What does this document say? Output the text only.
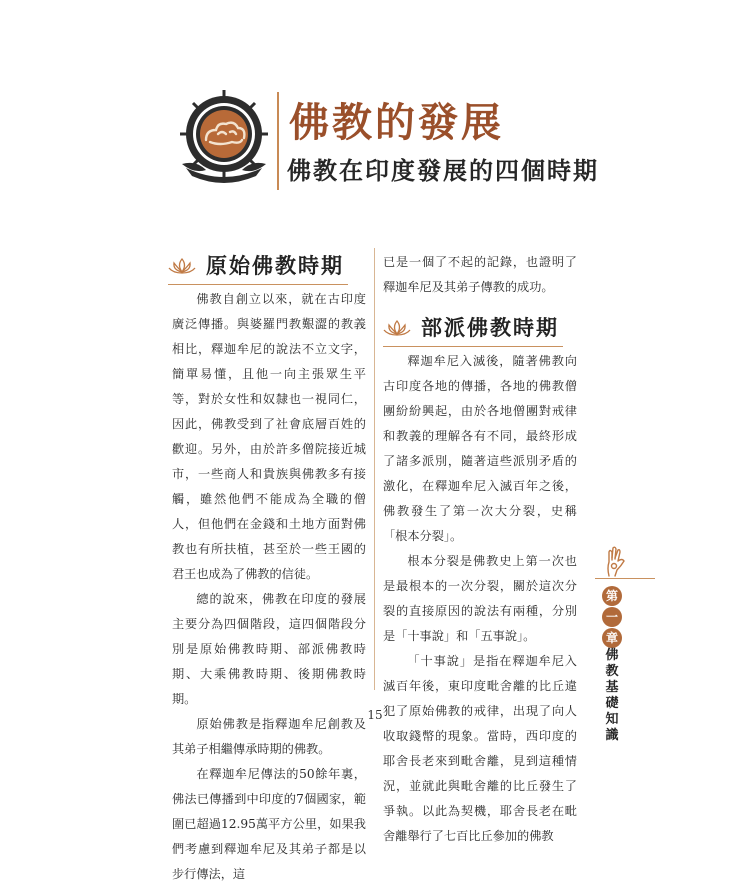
佛教的發展
佛教在印度發展的四個時期
原始佛教時期

佛教自創立以來，就在古印度廣泛傳播。與婆羅門教艱澀的教義相比，釋迦牟尼的說法不立文字，簡單易懂，且他一向主張眾生平等，對於女性和奴隸也一視同仁，因此，佛教受到了社會底層百姓的歡迎。另外，由於許多僧院接近城市，一些商人和貴族與佛教多有接觸，雖然他們不能成為全職的僧人，但他們在金錢和土地方面對佛教也有所扶植，甚至於一些王國的君王也成為了佛教的信徒。

總的說來，佛教在印度的發展主要分為四個階段，這四個階段分別是原始佛教時期、部派佛教時期、大乘佛教時期、後期佛教時期。

原始佛教是指釋迦牟尼創教及其弟子相繼傳承時期的佛教。

在釋迦牟尼傳法的50餘年裏，佛法已傳播到中印度的7個國家，範圍已超過12.95萬平方公里，如果我們考慮到釋迦牟尼及其弟子都是以步行傳法，這

已是一個了不起的記錄，也證明了釋迦牟尼及其弟子傳教的成功。

部派佛教時期

釋迦牟尼入滅後，隨著佛教向古印度各地的傳播，各地的佛教僧團紛紛興起，由於各地僧團對戒律和教義的理解各有不同，最終形成了諸多派別，隨著這些派別矛盾的激化，在釋迦牟尼入滅百年之後，佛教發生了第一次大分裂，史稱「根本分裂」。

根本分裂是佛教史上第一次也是最根本的一次分裂，關於這次分裂的直接原因的說法有兩種，分別是「十事說」和「五事說」。

「十事說」是指在釋迦牟尼入滅百年後，東印度毗舍離的比丘違犯了原始佛教的戒律，出現了向人收取錢幣的現象。當時，西印度的耶舍長老來到毗舍離，見到這種情況，並就此與毗舍離的比丘發生了爭執。以此為契機，耶舍長老在毗舍離舉行了七百比丘參加的佛教

第
一
章
佛教基礎知識
15
